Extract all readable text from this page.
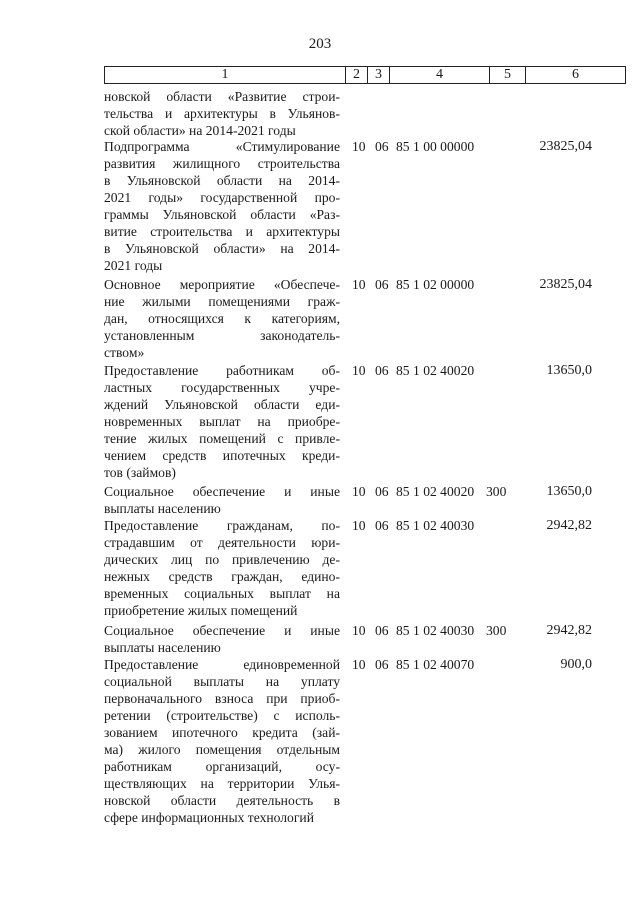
203
1	2	3	4	5	6
новской области «Развитие строи-
тельства и архитектуры в Ульянов-
ской области» на 2014-2021 годы
Подпрограмма «Стимулирование
развития жилищного строительства
в Ульяновской области на 2014-
2021 годы» государственной про-
граммы Ульяновской области «Раз-
витие строительства и архитектуры
в Ульяновской области» на 2014-
2021 годы
10 06 85 1 00 00000	23825,04
Основное мероприятие «Обеспече-
ние жилыми помещениями граж-
дан, относящихся к категориям,
установленным законодатель-
ством»
10 06 85 1 02 00000	23825,04
Предоставление работникам об-
ластных государственных учре-
ждений Ульяновской области еди-
новременных выплат на приобре-
тение жилых помещений с привле-
чением средств ипотечных креди-
тов (займов)
10 06 85 1 02 40020	13650,0
Социальное обеспечение и иные
выплаты населению
10 06 85 1 02 40020 300	13650,0
Предоставление гражданам, по-
страдавшим от деятельности юри-
дических лиц по привлечению де-
нежных средств граждан, едино-
временных социальных выплат на
приобретение жилых помещений
10 06 85 1 02 40030	2942,82
Социальное обеспечение и иные
выплаты населению
10 06 85 1 02 40030 300	2942,82
Предоставление единовременной
социальной выплаты на уплату
первоначального взноса при приоб-
ретении (строительстве) с исполь-
зованием ипотечного кредита (зай-
ма) жилого помещения отдельным
работникам организаций, осу-
ществляющих на территории Улья-
новской области деятельность в
сфере информационных технологий
10 06 85 1 02 40070	900,0
